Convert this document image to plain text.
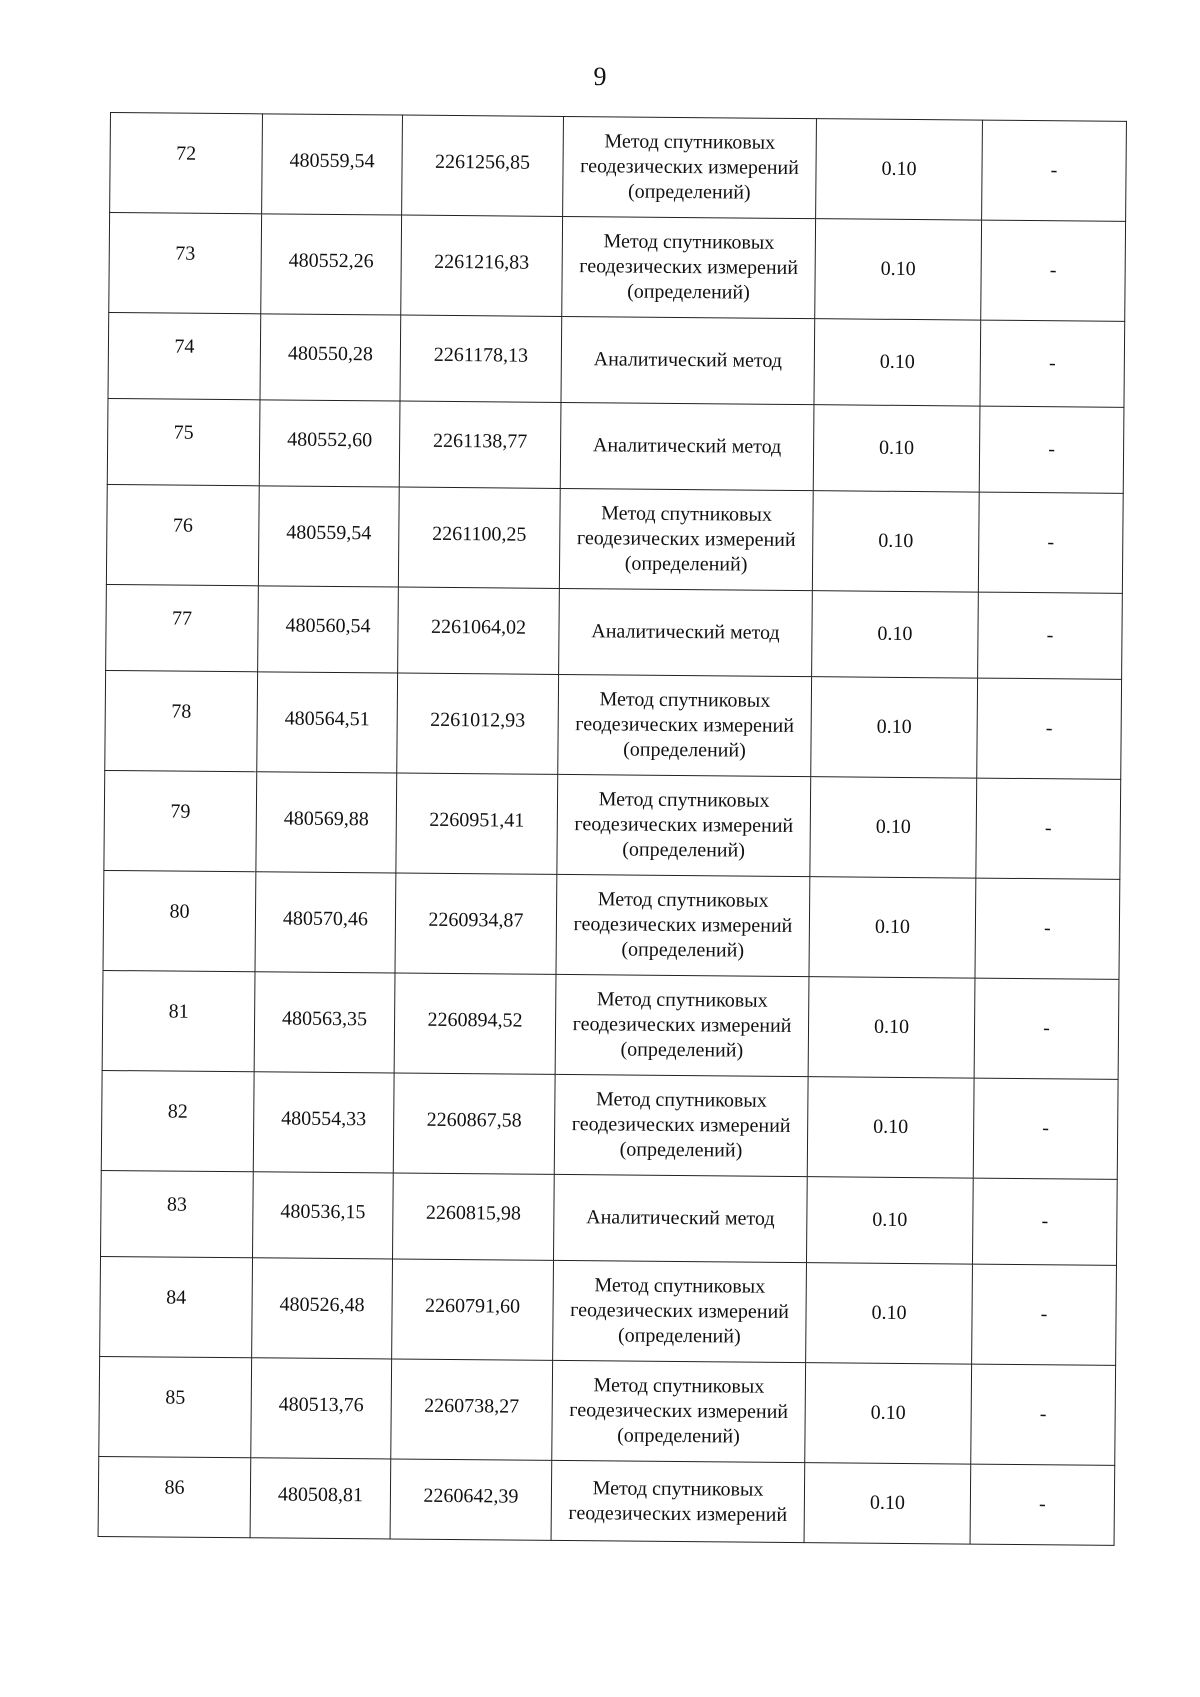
9
72	480559,54	2261256,85	Метод спутниковых геодезических измерений (определений)	0.10	-
73	480552,26	2261216,83	Метод спутниковых геодезических измерений (определений)	0.10	-
74	480550,28	2261178,13	Аналитический метод	0.10	-
75	480552,60	2261138,77	Аналитический метод	0.10	-
76	480559,54	2261100,25	Метод спутниковых геодезических измерений (определений)	0.10	-
77	480560,54	2261064,02	Аналитический метод	0.10	-
78	480564,51	2261012,93	Метод спутниковых геодезических измерений (определений)	0.10	-
79	480569,88	2260951,41	Метод спутниковых геодезических измерений (определений)	0.10	-
80	480570,46	2260934,87	Метод спутниковых геодезических измерений (определений)	0.10	-
81	480563,35	2260894,52	Метод спутниковых геодезических измерений (определений)	0.10	-
82	480554,33	2260867,58	Метод спутниковых геодезических измерений (определений)	0.10	-
83	480536,15	2260815,98	Аналитический метод	0.10	-
84	480526,48	2260791,60	Метод спутниковых геодезических измерений (определений)	0.10	-
85	480513,76	2260738,27	Метод спутниковых геодезических измерений (определений)	0.10	-
86	480508,81	2260642,39	Метод спутниковых геодезических измерений	0.10	-
